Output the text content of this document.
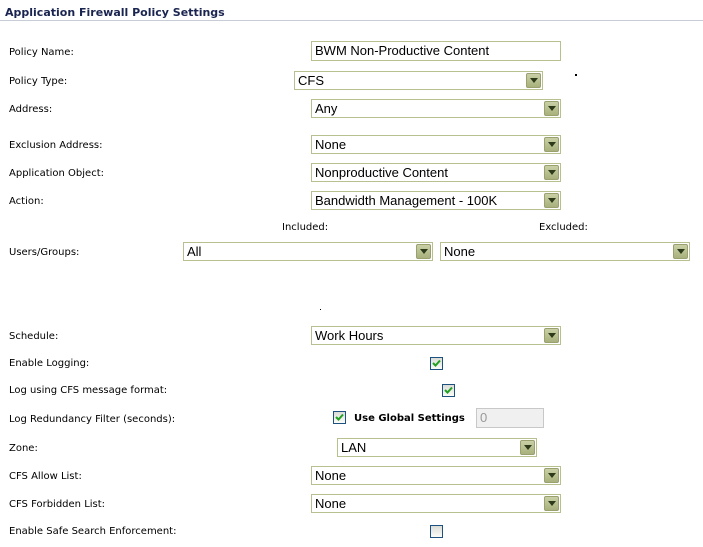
Application Firewall Policy Settings
Policy Name:	BWM Non-Productive Content
Policy Type:	CFS
Address:	Any
Exclusion Address:	None
Application Object:	Nonproductive Content
Action:	Bandwidth Management - 100K
Included:	Excluded:
Users/Groups:	All	None
Schedule:	Work Hours
Enable Logging:
Log using CFS message format:
Log Redundancy Filter (seconds):	Use Global Settings	0
Zone:	LAN
CFS Allow List:	None
CFS Forbidden List:	None
Enable Safe Search Enforcement:
